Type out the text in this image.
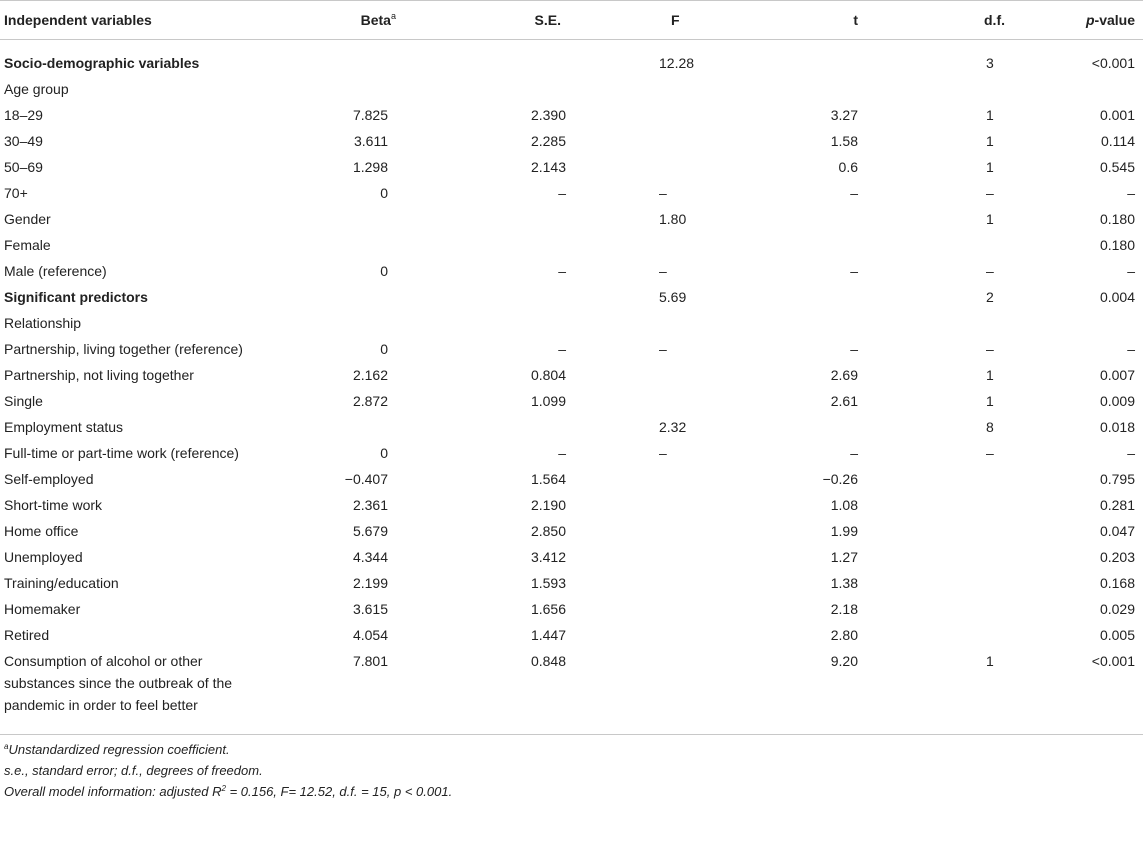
Independent variables	Beta$^a$	S.E.	F	t	d.f.	p-value
Socio-demographic variables			12.28		3	<0.001
Age group						
18–29	7.825	2.390		3.27	1	0.001
30–49	3.611	2.285		1.58	1	0.114
50–69	1.298	2.143		0.6	1	0.545
70+	0	–	–	–	–	–
Gender			1.80		1	0.180
Female						0.180
Male (reference)	0	–	–	–	–	–
Significant predictors			5.69		2	0.004
Relationship						
Partnership, living together (reference)	0	–	–	–	–	–
Partnership, not living together	2.162	0.804		2.69	1	0.007
Single	2.872	1.099		2.61	1	0.009
Employment status			2.32		8	0.018
Full-time or part-time work (reference)	0	–	–	–	–	–
Self-employed	−0.407	1.564		−0.26		0.795
Short-time work	2.361	2.190		1.08		0.281
Home office	5.679	2.850		1.99		0.047
Unemployed	4.344	3.412		1.27		0.203
Training/education	2.199	1.593		1.38		0.168
Homemaker	3.615	1.656		2.18		0.029
Retired	4.054	1.447		2.80		0.005
Consumption of alcohol or other substances since the outbreak of the pandemic in order to feel better	7.801	0.848		9.20	1	<0.001
$^a$Unstandardized regression coefficient.
s.e., standard error; d.f., degrees of freedom.
Overall model information: adjusted $R^2 = 0.156$, F= 12.52, d.f. = 15, p < 0.001.
